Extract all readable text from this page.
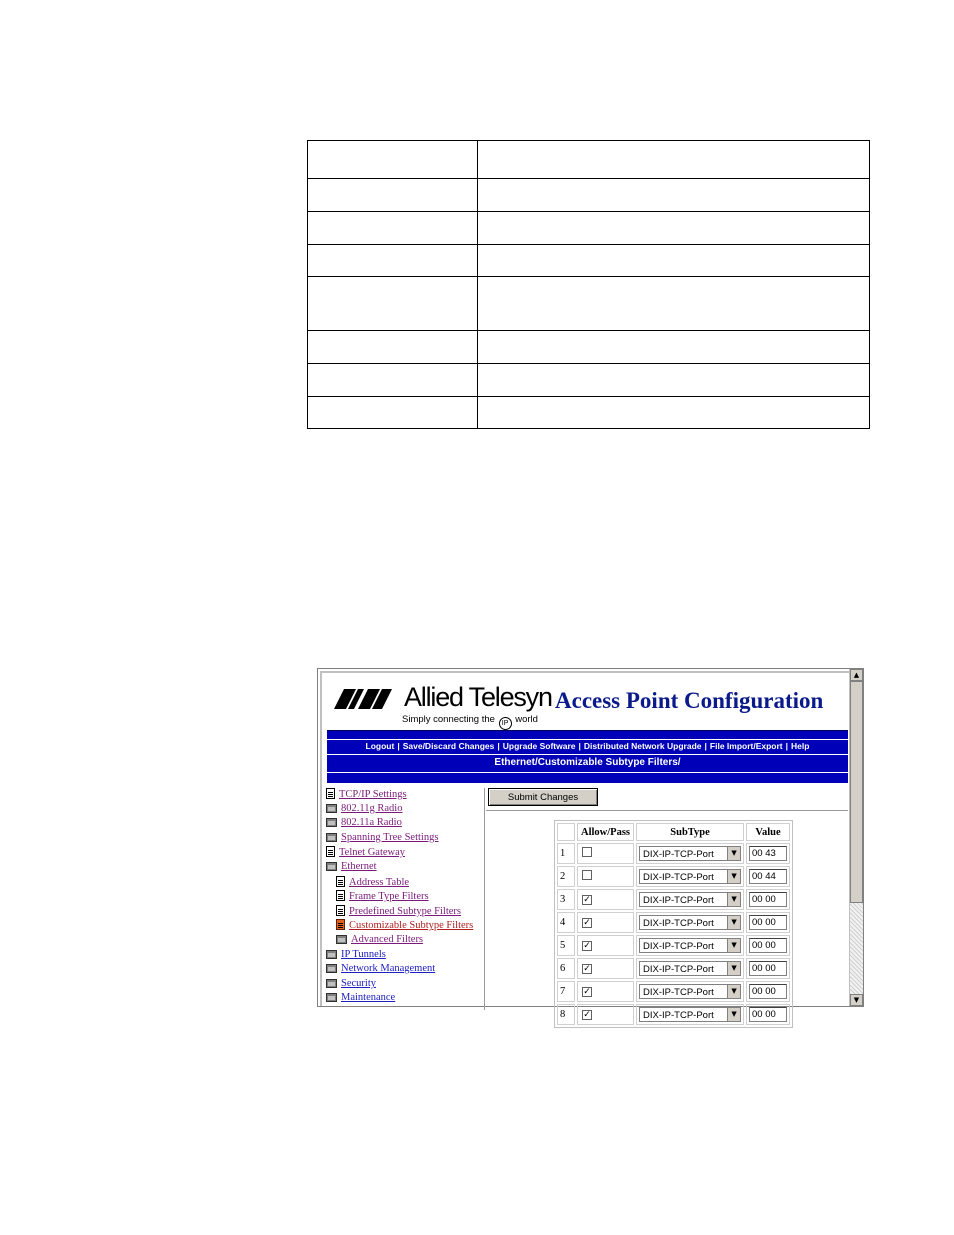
Allied Telesyn
Simply connecting the IP world
Access Point Configuration
Logout | Save/Discard Changes | Upgrade Software | Distributed Network Upgrade | File Import/Export | Help
Ethernet/Customizable Subtype Filters/
TCP/IP Settings
802.11g Radio
802.11a Radio
Spanning Tree Settings
Telnet Gateway
Ethernet
Address Table
Frame Type Filters
Predefined Subtype Filters
Customizable Subtype Filters
Advanced Filters
IP Tunnels
Network Management
Security
Maintenance
Submit Changes
	Allow/Pass	SubType	Value
1		DIX-IP-TCP-Port ▼	00 43
2		DIX-IP-TCP-Port ▼	00 44
3	✓	DIX-IP-TCP-Port ▼	00 00
4	✓	DIX-IP-TCP-Port ▼	00 00
5	✓	DIX-IP-TCP-Port ▼	00 00
6	✓	DIX-IP-TCP-Port ▼	00 00
7	✓	DIX-IP-TCP-Port ▼	00 00
8	✓	DIX-IP-TCP-Port ▼	00 00
▲
▼
